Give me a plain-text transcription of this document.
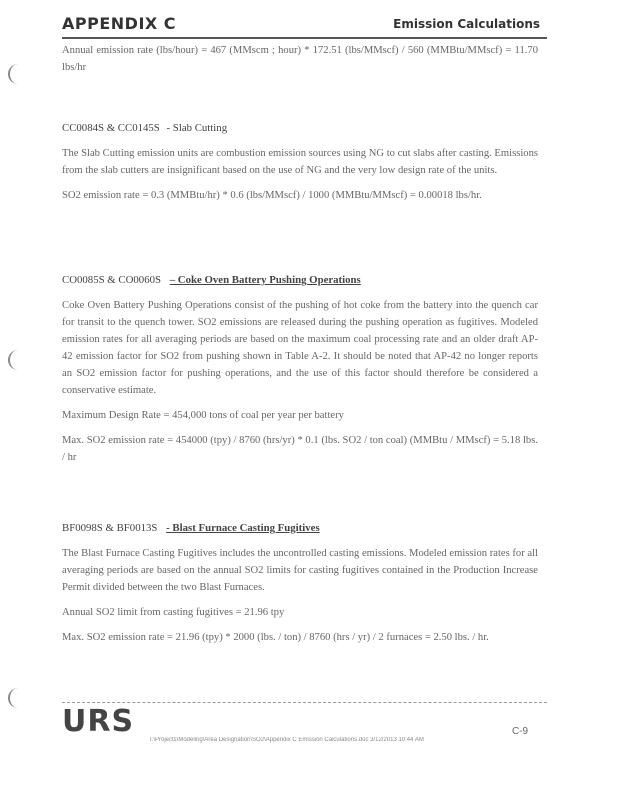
APPENDIX C	Emission Calculations

Annual emission rate (lbs/hour) = 467 (MMscm ; hour) * 172.51 (lbs/MMscf) / 560 (MMBtu/MMscf) = 11.70 lbs/hr

CC0084S & CC0145S - Slab Cutting

The Slab Cutting emission units are combustion emission sources using NG to cut slabs after casting. Emissions from the slab cutters are insignificant based on the use of NG and the very low design rate of the units.

SO2 emission rate = 0.3 (MMBtu/hr) * 0.6 (lbs/MMscf) / 1000 (MMBtu/MMscf) = 0.00018 lbs/hr.

CO0085S & CO0060S – Coke Oven Battery Pushing Operations

Coke Oven Battery Pushing Operations consist of the pushing of hot coke from the battery into the quench car for transit to the quench tower. SO2 emissions are released during the pushing operation as fugitives. Modeled emission rates for all averaging periods are based on the maximum coal processing rate and an older draft AP-42 emission factor for SO2 from pushing shown in Table A-2. It should be noted that AP-42 no longer reports an SO2 emission factor for pushing operations, and the use of this factor should therefore be considered a conservative estimate.

Maximum Design Rate = 454,000 tons of coal per year per battery

Max. SO2 emission rate = 454000 (tpy) / 8760 (hrs/yr) * 0.1 (lbs. SO2 / ton coal) (MMBtu / MMscf) = 5.18 lbs. / hr

BF0098S & BF0013S - Blast Furnace Casting Fugitives

The Blast Furnace Casting Fugitives includes the uncontrolled casting emissions. Modeled emission rates for all averaging periods are based on the annual SO2 limits for casting fugitives contained in the Production Increase Permit divided between the two Blast Furnaces.

Annual SO2 limit from casting fugitives = 21.96 tpy

Max. SO2 emission rate = 21.96 (tpy) * 2000 (lbs. / ton) / 8760 (hrs / yr) / 2 furnaces = 2.50 lbs. / hr.

URS	C-9
I:\Projects\Modeling\Area Designation\SO2\Appendix C Emission Calculations.doc 3/12/2013 10:44 AM
